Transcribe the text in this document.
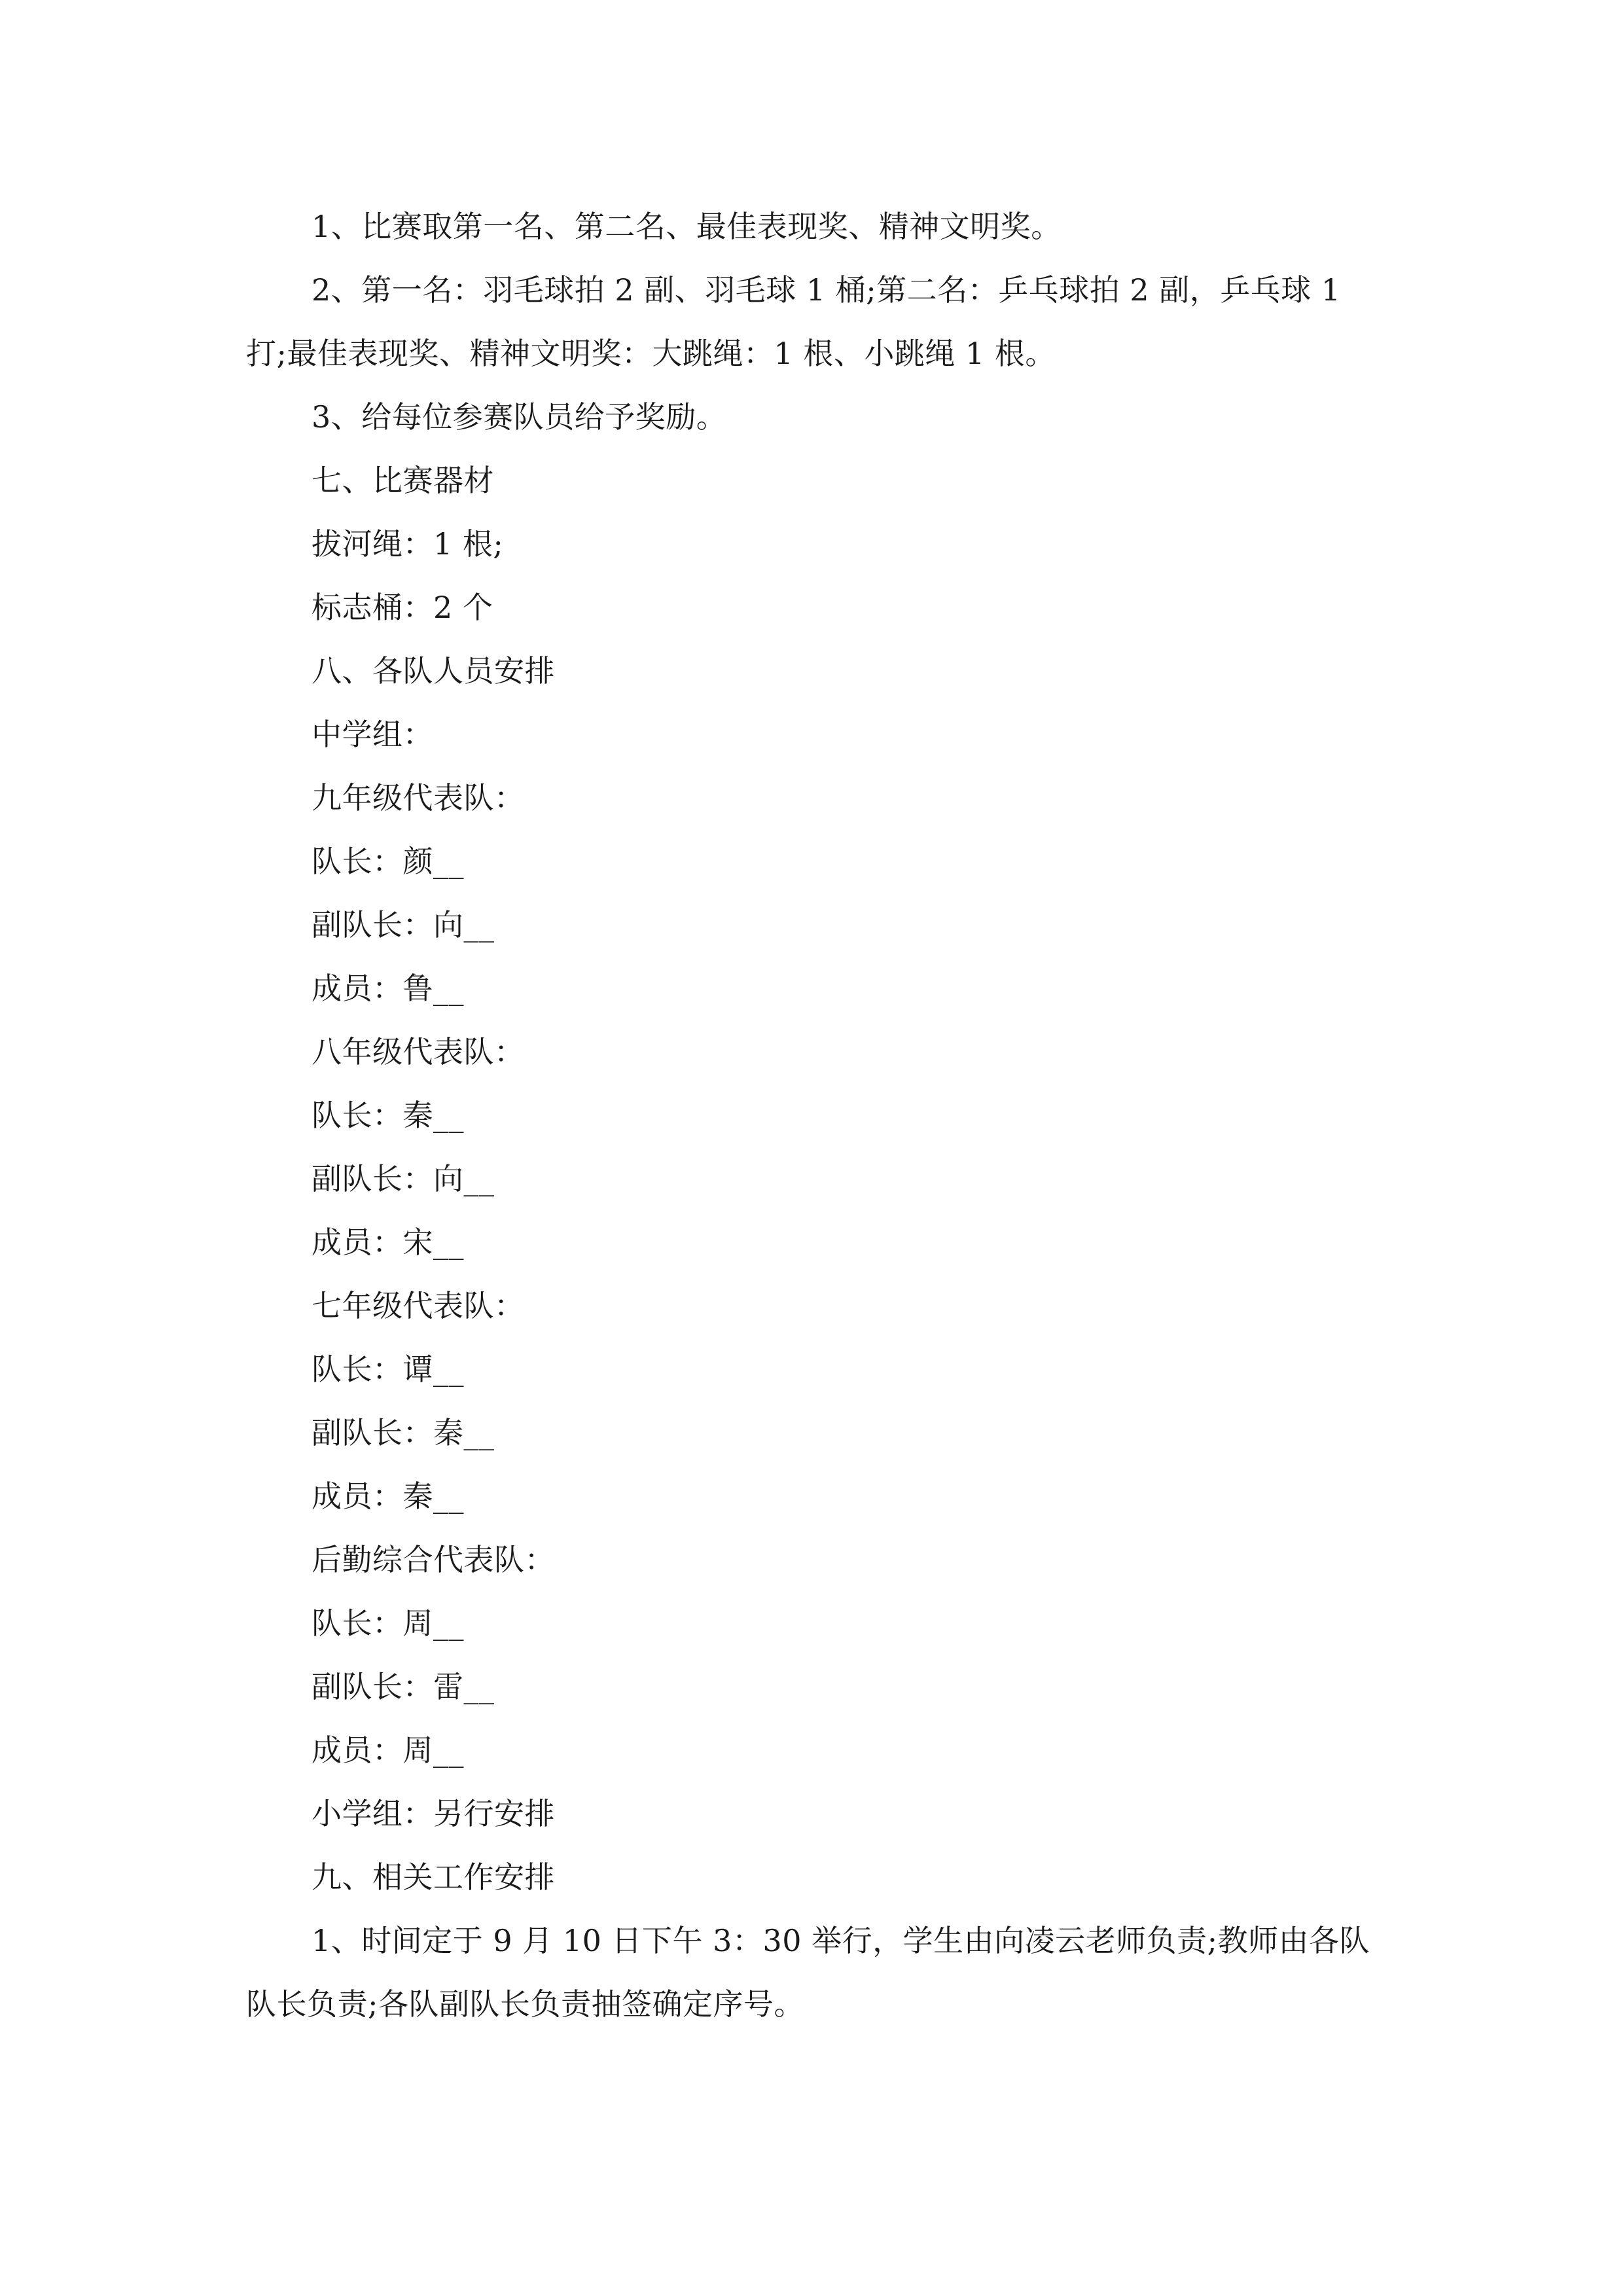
1、比赛取第一名、第二名、最佳表现奖、精神文明奖。

2、第一名：羽毛球拍 2 副、羽毛球 1 桶;第二名：乒乓球拍 2 副，乒乓球 1 打;最佳表现奖、精神文明奖：大跳绳：1 根、小跳绳 1 根。

3、给每位参赛队员给予奖励。

七、比赛器材

拔河绳：1 根;

标志桶：2 个

八、各队人员安排

中学组：

九年级代表队：

队长：颜__

副队长：向__

成员：鲁__

八年级代表队：

队长：秦__

副队长：向__

成员：宋__

七年级代表队：

队长：谭__

副队长：秦__

成员：秦__

后勤综合代表队：

队长：周__

副队长：雷__

成员：周__

小学组：另行安排

九、相关工作安排

1、时间定于 9 月 10 日下午 3：30 举行，学生由向凌云老师负责;教师由各队队长负责;各队副队长负责抽签确定序号。
